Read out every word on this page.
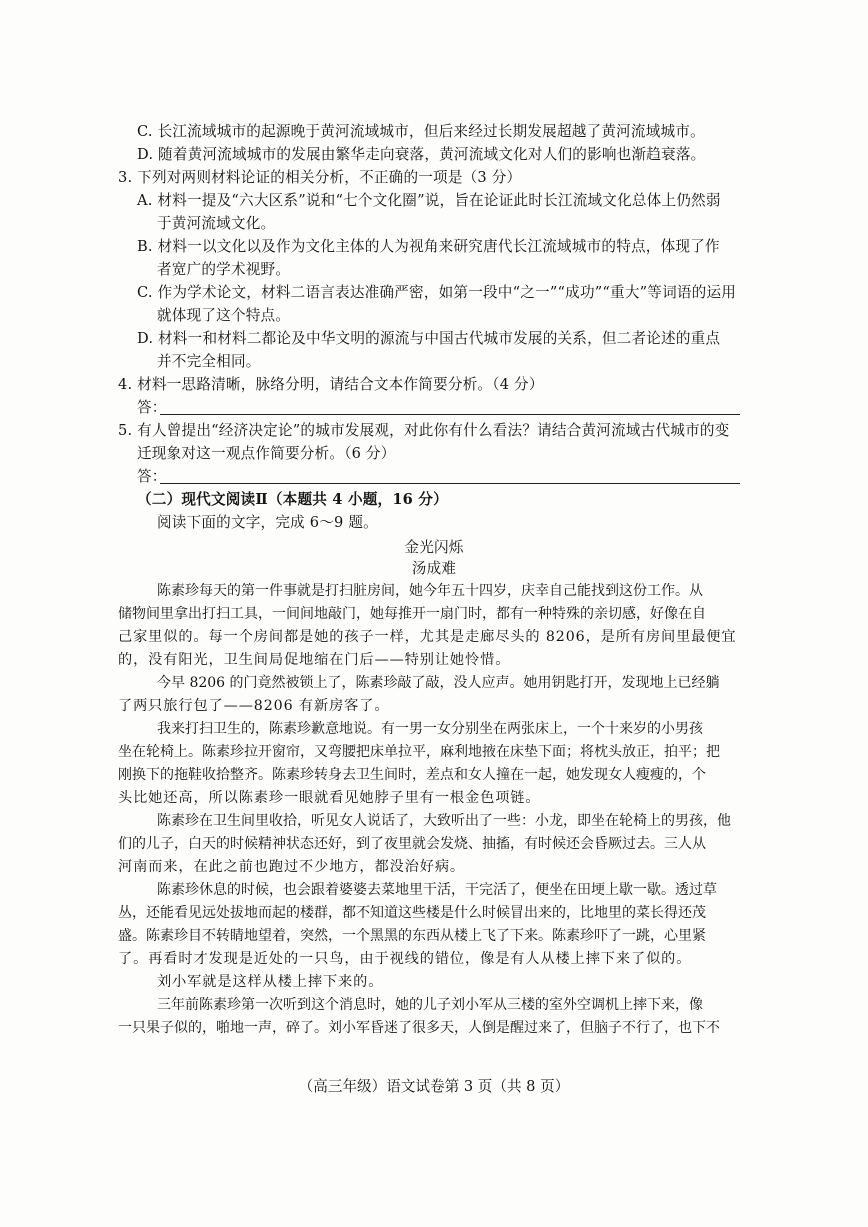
C. 长江流域城市的起源晚于黄河流域城市，但后来经过长期发展超越了黄河流域城市。
D. 随着黄河流域城市的发展由繁华走向衰落，黄河流域文化对人们的影响也渐趋衰落。
3. 下列对两则材料论证的相关分析，不正确的一项是（3 分）
A. 材料一提及“六大区系”说和“七个文化圈”说，旨在论证此时长江流域文化总体上仍然弱
于黄河流域文化。
B. 材料一以文化以及作为文化主体的人为视角来研究唐代长江流域城市的特点，体现了作
者宽广的学术视野。
C. 作为学术论文，材料二语言表达准确严密，如第一段中“之一”“成功”“重大”等词语的运用
就体现了这个特点。
D. 材料一和材料二都论及中华文明的源流与中国古代城市发展的关系，但二者论述的重点
并不完全相同。
4. 材料一思路清晰，脉络分明，请结合文本作简要分析。（4 分）
答：
5. 有人曾提出“经济决定论”的城市发展观，对此你有什么看法？请结合黄河流域古代城市的变
迁现象对这一观点作简要分析。（6 分）
答：
（二）现代文阅读Ⅱ（本题共 4 小题，16 分）
阅读下面的文字，完成 6～9 题。
金光闪烁
汤成难
陈素珍每天的第一件事就是打扫脏房间，她今年五十四岁，庆幸自己能找到这份工作。从
储物间里拿出打扫工具，一间间地敲门，她每推开一扇门时，都有一种特殊的亲切感，好像在自
己家里似的。每一个房间都是她的孩子一样，尤其是走廊尽头的 8206，是所有房间里最便宜
的，没有阳光，卫生间局促地缩在门后——特别让她怜惜。
今早 8206 的门竟然被锁上了，陈素珍敲了敲，没人应声。她用钥匙打开，发现地上已经躺
了两只旅行包了——8206 有新房客了。
我来打扫卫生的，陈素珍歉意地说。有一男一女分别坐在两张床上，一个十来岁的小男孩
坐在轮椅上。陈素珍拉开窗帘，又弯腰把床单拉平，麻利地掖在床垫下面；将枕头放正，拍平；把
刚换下的拖鞋收拾整齐。陈素珍转身去卫生间时，差点和女人撞在一起，她发现女人瘦瘦的，个
头比她还高，所以陈素珍一眼就看见她脖子里有一根金色项链。
陈素珍在卫生间里收拾，听见女人说话了，大致听出了一些：小龙，即坐在轮椅上的男孩，他
们的儿子，白天的时候精神状态还好，到了夜里就会发烧、抽搐，有时候还会昏厥过去。三人从
河南而来，在此之前也跑过不少地方，都没治好病。
陈素珍休息的时候，也会跟着婆婆去菜地里干活，干完活了，便坐在田埂上歇一歇。透过草
丛，还能看见远处拔地而起的楼群，都不知道这些楼是什么时候冒出来的，比地里的菜长得还茂
盛。陈素珍目不转睛地望着，突然，一个黑黑的东西从楼上飞了下来。陈素珍吓了一跳，心里紧
了。再看时才发现是近处的一只鸟，由于视线的错位，像是有人从楼上摔下来了似的。
刘小军就是这样从楼上摔下来的。
三年前陈素珍第一次听到这个消息时，她的儿子刘小军从三楼的室外空调机上摔下来，像
一只果子似的，啪地一声，碎了。刘小军昏迷了很多天，人倒是醒过来了，但脑子不行了，也下不
（高三年级）语文试卷第 3 页（共 8 页）
